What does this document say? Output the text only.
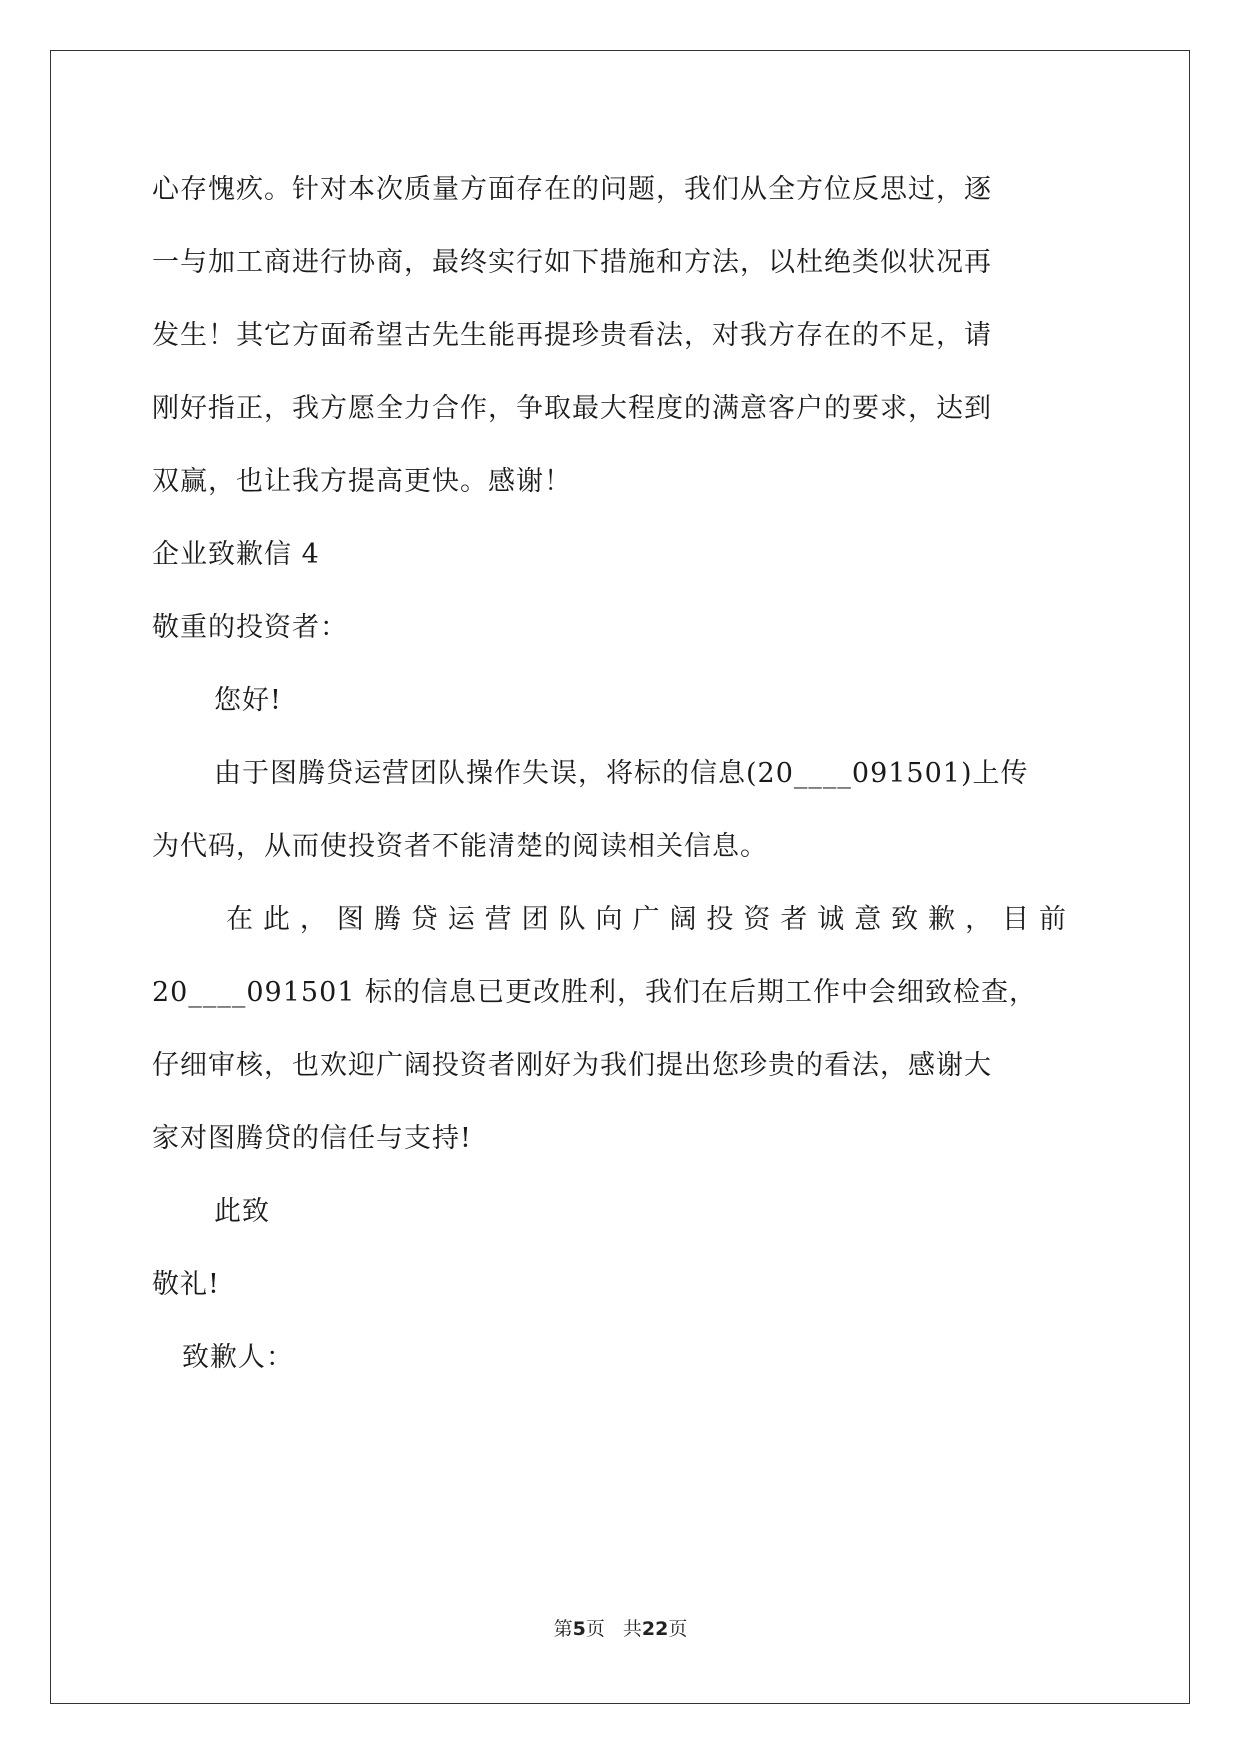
心存愧疚。针对本次质量方面存在的问题，我们从全方位反思过，逐
一与加工商进行协商，最终实行如下措施和方法，以杜绝类似状况再
发生！其它方面希望古先生能再提珍贵看法，对我方存在的不足，请
刚好指正，我方愿全力合作，争取最大程度的满意客户的要求，达到
双赢，也让我方提高更快。感谢！
企业致歉信 4
敬重的投资者：
您好!
由于图腾贷运营团队操作失误，将标的信息(20____091501)上传
为代码，从而使投资者不能清楚的阅读相关信息。
在此，图腾贷运营团队向广阔投资者诚意致歉，目前
20____091501 标的信息已更改胜利，我们在后期工作中会细致检查，
仔细审核，也欢迎广阔投资者刚好为我们提出您珍贵的看法，感谢大
家对图腾贷的信任与支持!
此致
敬礼!
致歉人：
第5页 共22页
